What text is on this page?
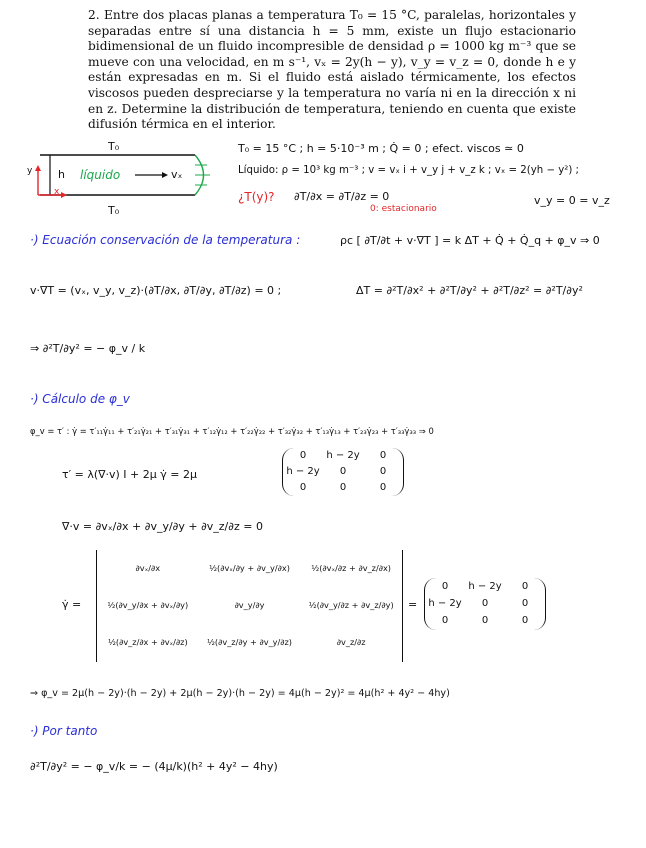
2. Entre dos placas planas a temperatura T₀ = 15 °C, paralelas, horizontales y separadas entre sí una distancia h = 5 mm, existe un flujo estacionario bidimensional de un fluido incompresible de densidad ρ = 1000 kg m⁻³ que se mueve con una velocidad, en m s⁻¹, vₓ = 2y(h − y), v_y = v_z = 0, donde h e y están expresadas en m. Si el fluido está aislado térmicamente, los efectos viscosos pueden despreciarse y la temperatura no varía ni en la dirección x ni en z. Determine la distribución de temperatura, teniendo en cuenta que existe difusión térmica en el interior.
T₀
T₀
h líquido	vₓ
y
x
T₀ = 15 °C ; h = 5·10⁻³ m ; Q̇ = 0 ; efect. viscos ≃ 0
Líquido: ρ = 10³ kg m⁻³ ; v = vₓ i + v_y j + v_z k ; vₓ = 2(yh − y²) ;
¿T(y)? ∂T/∂x = ∂T/∂z = 0	v_y = 0 = v_z
0: estacionario
·) Ecuación conservación de la temperatura :	ρc [ ∂T/∂t + v·∇T ] = k ΔT + Q̇ + Q̇_q + φ_v ⇒ 0
v·∇T = (vₓ, v_y, v_z)·(∂T/∂x, ∂T/∂y, ∂T/∂z) = 0 ;	ΔT = ∂²T/∂x² + ∂²T/∂y² + ∂²T/∂z² = ∂²T/∂y²
⇒ ∂²T/∂y² = − φ_v / k
·) Cálculo de φ_v
φ_v = τ′ : γ̇ = τ′₁₁γ̇₁₁ + τ′₂₁γ̇₂₁ + τ′₃₁γ̇₃₁ + τ′₁₂γ̇₁₂ + τ′₂₂γ̇₂₂ + τ′₃₂γ̇₃₂ + τ′₁₃γ̇₁₃ + τ′₂₃γ̇₂₃ + τ′₃₃γ̇₃₃ ⇒ 0
τ′ = λ(∇·v) I + 2μ γ̇ = 2μ
0	h − 2y	0
h − 2y	0	0
0	0	0
∇·v = ∂vₓ/∂x + ∂v_y/∂y + ∂v_z/∂z = 0
γ̇ =
∂vₓ/∂x	½(∂vₓ/∂y + ∂v_y/∂x)	½(∂vₓ/∂z + ∂v_z/∂x)
½(∂v_y/∂x + ∂vₓ/∂y)	∂v_y/∂y	½(∂v_y/∂z + ∂v_z/∂y)
½(∂v_z/∂x + ∂vₓ/∂z)	½(∂v_z/∂y + ∂v_y/∂z)	∂v_z/∂z
=
0	h − 2y	0
h − 2y	0	0
0	0	0
⇒ φ_v = 2μ(h − 2y)·(h − 2y) + 2μ(h − 2y)·(h − 2y) = 4μ(h − 2y)² = 4μ(h² + 4y² − 4hy)
·) Por tanto
∂²T/∂y² = − φ_v/k = − (4μ/k)(h² + 4y² − 4hy)
